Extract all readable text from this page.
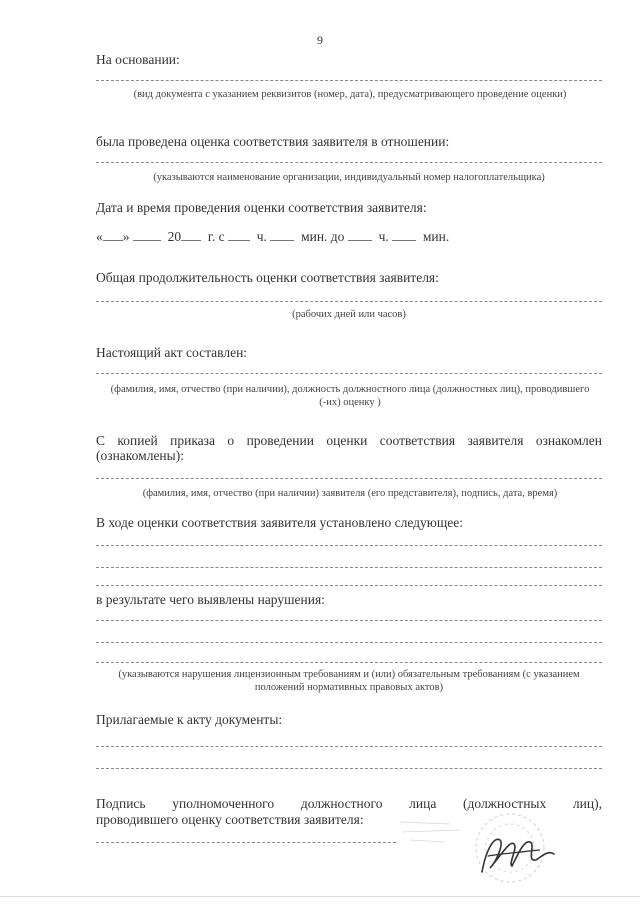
9
На основании:
(вид документа с указанием реквизитов (номер, дата), предусматривающего проведение оценки)
была проведена оценка соответствия заявителя в отношении:
(указываются наименование организации, индивидуальный номер налогоплательщика)
Дата и время проведения оценки соответствия заявителя:
« »	20 г. с ч.	мин. до	ч.	мин.
Общая продолжительность оценки соответствия заявителя:
(рабочих дней или часов)
Настоящий акт составлен:
(фамилия, имя, отчество (при наличии), должность должностного лица (должностных лиц), проводившего (-их) оценку )
С копией приказа о проведении оценки соответствия заявителя ознакомлен
(ознакомлены):
(фамилия, имя, отчество (при наличии) заявителя (его представителя), подпись, дата, время)
В ходе оценки соответствия заявителя установлено следующее:
в результате чего выявлены нарушения:
(указываются нарушения лицензионным требованиям и (или) обязательным требованиям (с указанием положений нормативных правовых актов)
Прилагаемые к акту документы:
Подпись уполномоченного должностного лица (должностных лиц),
проводившего оценку соответствия заявителя:
